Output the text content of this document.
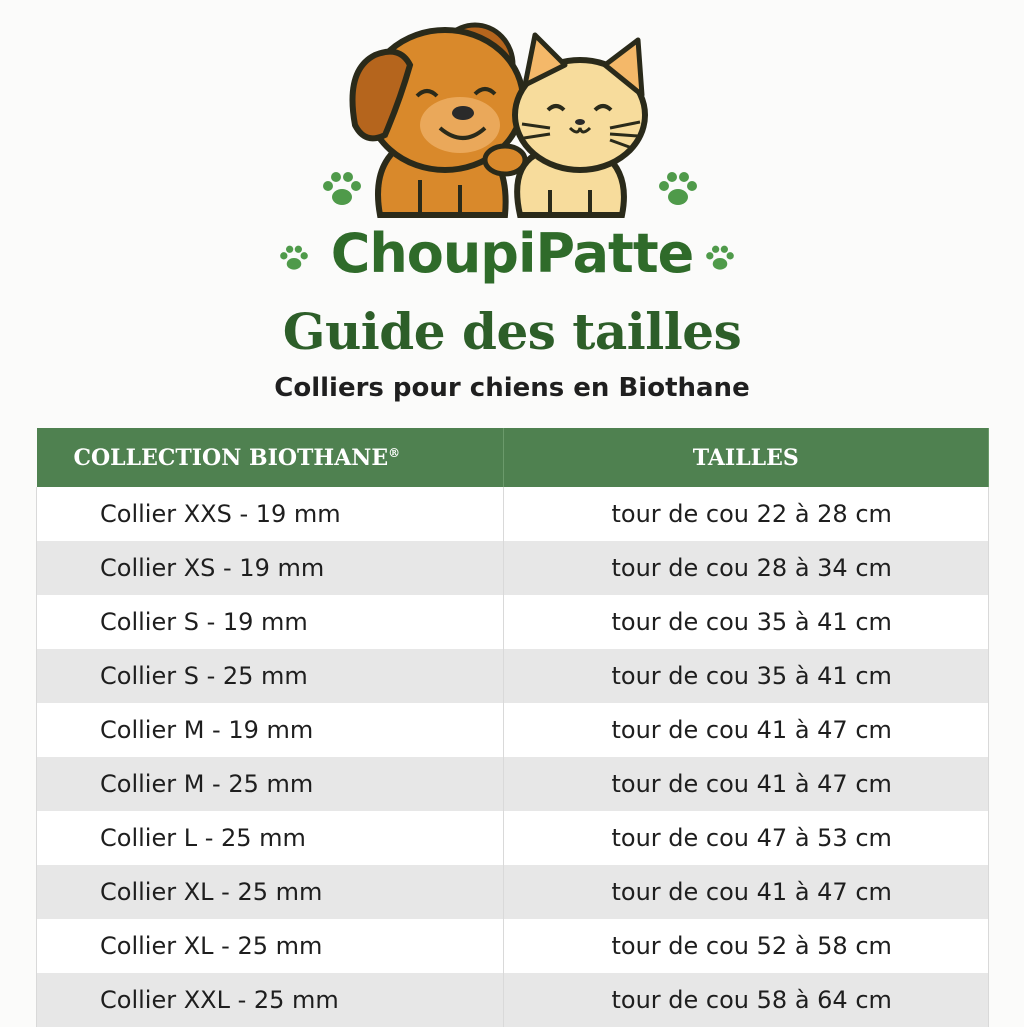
ChoupiPatte
Guide des tailles
Colliers pour chiens en Biothane
COLLECTION BIOTHANE®	TAILLES
Collier XXS - 19 mm	tour de cou 22 à 28 cm
Collier XS - 19 mm	tour de cou 28 à 34 cm
Collier S - 19 mm	tour de cou 35 à 41 cm
Collier S - 25 mm	tour de cou 35 à 41 cm
Collier M - 19 mm	tour de cou 41 à 47 cm
Collier M - 25 mm	tour de cou 41 à 47 cm
Collier L - 25 mm	tour de cou 47 à 53 cm
Collier XL - 25 mm	tour de cou 41 à 47 cm
Collier XL - 25 mm	tour de cou 52 à 58 cm
Collier XXL - 25 mm	tour de cou 58 à 64 cm
